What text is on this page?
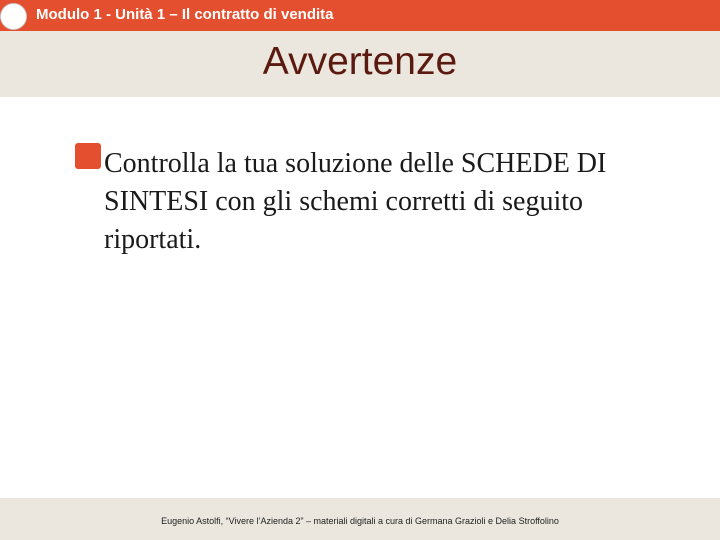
Modulo 1 - Unità 1 – Il contratto di vendita
Avvertenze
Controlla la tua soluzione delle SCHEDE DI SINTESI con gli schemi corretti di seguito riportati.
Eugenio Astolfi, “Vivere l’Azienda 2” – materiali digitali a cura di Germana Grazioli e Delia Stroffolino
